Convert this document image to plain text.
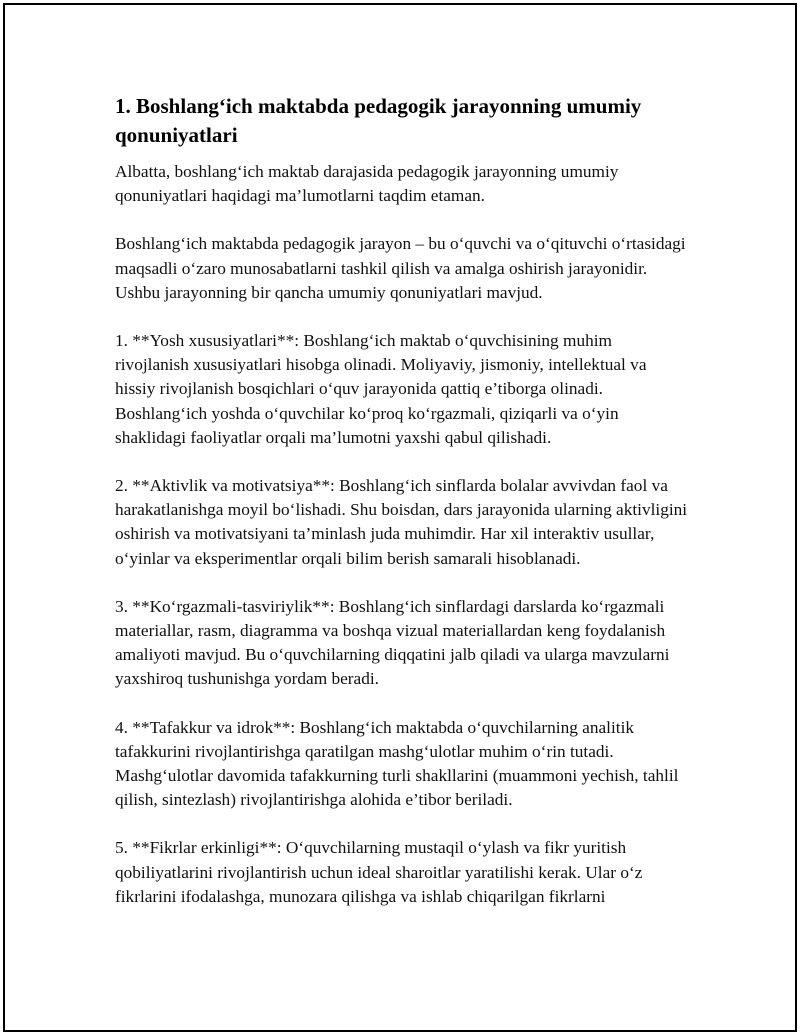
1. Boshlang‘ich maktabda pedagogik jarayonning umumiy qonuniyatlari

Albatta, boshlang‘ich maktab darajasida pedagogik jarayonning umumiy qonuniyatlari haqidagi ma’lumotlarni taqdim etaman.

Boshlang‘ich maktabda pedagogik jarayon – bu o‘quvchi va o‘qituvchi o‘rtasidagi maqsadli o‘zaro munosabatlarni tashkil qilish va amalga oshirish jarayonidir. Ushbu jarayonning bir qancha umumiy qonuniyatlari mavjud.

1. **Yosh xususiyatlari**: Boshlang‘ich maktab o‘quvchisining muhim rivojlanish xususiyatlari hisobga olinadi. Moliyaviy, jismoniy, intellektual va hissiy rivojlanish bosqichlari o‘quv jarayonida qattiq e’tiborga olinadi. Boshlang‘ich yoshda o‘quvchilar ko‘proq ko‘rgazmali, qiziqarli va o‘yin shaklidagi faoliyatlar orqali ma’lumotni yaxshi qabul qilishadi.

2. **Aktivlik va motivatsiya**: Boshlang‘ich sinflarda bolalar avvivdan faol va harakatlanishga moyil bo‘lishadi. Shu boisdan, dars jarayonida ularning aktivligini oshirish va motivatsiyani ta’minlash juda muhimdir. Har xil interaktiv usullar, o‘yinlar va eksperimentlar orqali bilim berish samarali hisoblanadi.

3. **Ko‘rgazmali-tasviriylik**: Boshlang‘ich sinflardagi darslarda ko‘rgazmali materiallar, rasm, diagramma va boshqa vizual materiallardan keng foydalanish amaliyoti mavjud. Bu o‘quvchilarning diqqatini jalb qiladi va ularga mavzularni yaxshiroq tushunishga yordam beradi.

4. **Tafakkur va idrok**: Boshlang‘ich maktabda o‘quvchilarning analitik tafakkurini rivojlantirishga qaratilgan mashg‘ulotlar muhim o‘rin tutadi. Mashg‘ulotlar davomida tafakkurning turli shakllarini (muammoni yechish, tahlil qilish, sintezlash) rivojlantirishga alohida e’tibor beriladi.

5. **Fikrlar erkinligi**: O‘quvchilarning mustaqil o‘ylash va fikr yuritish qobiliyatlarini rivojlantirish uchun ideal sharoitlar yaratilishi kerak. Ular o‘z fikrlarini ifodalashga, munozara qilishga va ishlab chiqarilgan fikrlarni
